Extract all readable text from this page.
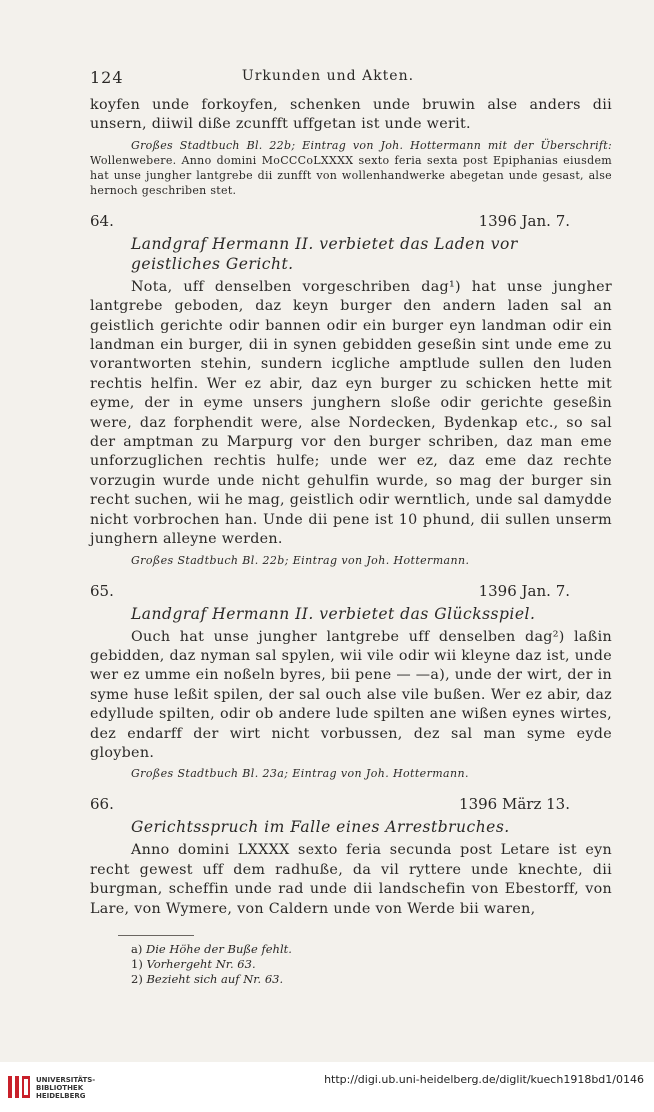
124	Urkunden und Akten.

koyfen unde forkoyfen, schenken unde bruwin alse anders dii unsern, diiwil diße zcunfft uffgetan ist unde werit.

Großes Stadtbuch Bl. 22b; Eintrag von Joh. Hottermann mit der Überschrift: Wollenwebere. Anno domini MoCCCoLXXXX sexto feria sexta post Epiphanias eiusdem hat unse jungher lantgrebe dii zunfft von wollenhandwerke abegetan unde gesast, alse hernoch geschriben stet.

64.	1396 Jan. 7.

Landgraf Hermann II. verbietet das Laden vor geistliches Gericht.

Nota, uff denselben vorgeschriben dag¹) hat unse jungher lantgrebe geboden, daz keyn burger den andern laden sal an geistlich gerichte odir bannen odir ein burger eyn landman odir ein landman ein burger, dii in synen gebidden geseßin sint unde eme zu vorantworten stehin, sundern icgliche amptlude sullen den luden rechtis helfin. Wer ez abir, daz eyn burger zu schicken hette mit eyme, der in eyme unsers junghern sloße odir gerichte geseßin were, daz forphendit were, alse Nordecken, Bydenkap etc., so sal der amptman zu Marpurg vor den burger schriben, daz man eme unforzuglichen rechtis hulfe; unde wer ez, daz eme daz rechte vorzugin wurde unde nicht gehulfin wurde, so mag der burger sin recht suchen, wii he mag, geistlich odir werntlich, unde sal damydde nicht vorbrochen han. Unde dii pene ist 10 phund, dii sullen unserm junghern alleyne werden.

Großes Stadtbuch Bl. 22b; Eintrag von Joh. Hottermann.

65.	1396 Jan. 7.

Landgraf Hermann II. verbietet das Glücksspiel.

Ouch hat unse jungher lantgrebe uff denselben dag²) laßin gebidden, daz nyman sal spylen, wii vile odir wii kleyne daz ist, unde wer ez umme ein noßeln byres, bii pene — —a), unde der wirt, der in syme huse leßit spilen, der sal ouch alse vile bußen. Wer ez abir, daz edyllude spilten, odir ob andere lude spilten ane wißen eynes wirtes, dez endarff der wirt nicht vorbussen, dez sal man syme eyde gloyben.

Großes Stadtbuch Bl. 23a; Eintrag von Joh. Hottermann.

66.	1396 März 13.

Gerichtsspruch im Falle eines Arrestbruches.

Anno domini LXXXX sexto feria secunda post Letare ist eyn recht gewest uff dem radhuße, da vil ryttere unde knechte, dii burgman, scheffin unde rad unde dii landschefin von Ebestorff, von Lare, von Wymere, von Caldern unde von Werde bii waren,

a) Die Höhe der Buße fehlt.

1) Vorhergeht Nr. 63.

2) Bezieht sich auf Nr. 63.

UNIVERSITÄTS-
BIBLIOTHEK
HEIDELBERG
http://digi.ub.uni-heidelberg.de/diglit/kuech1918bd1/0146
